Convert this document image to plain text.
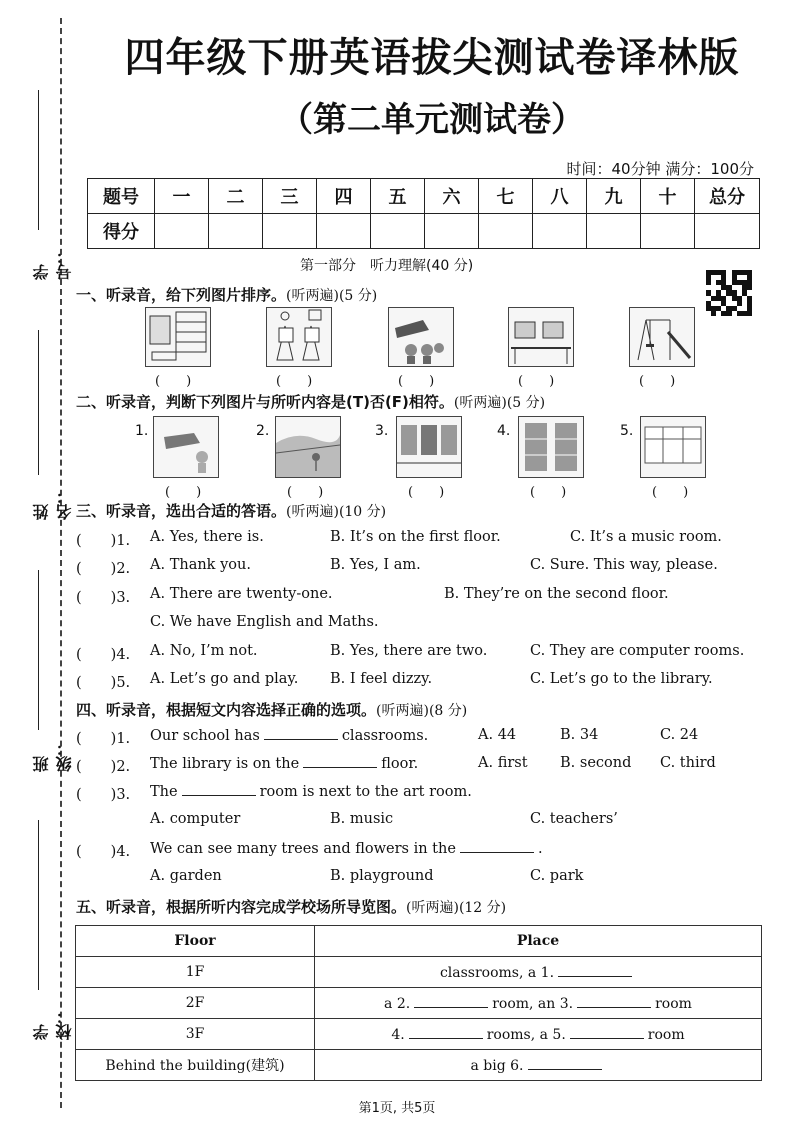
学号：
姓名：
班级：
学校：
四年级下册英语拔尖测试卷译林版
（第二单元测试卷）
时间：40分钟 满分：100分
题号	一	二	三	四	五	六	七	八	九	十	总分
得分											
第一部分　听力理解(40 分)
一、听录音，给下列图片排序。(听两遍)(5 分)
(　　)	(　　)	(　　)	(　　)	(　　)
二、听录音，判断下列图片与所听内容是(T)否(F)相符。(听两遍)(5 分)
1.	2.	3.	4.	5.
(　　)	(　　)	(　　)	(　　)	(　　)
三、听录音，选出合适的答语。(听两遍)(10 分)
(　　)1. A. Yes, there is.	B. It’s on the first floor.	C. It’s a music room.
(　　)2. A. Thank you.	B. Yes, I am.	C. Sure. This way, please.
(　　)3. A. There are twenty-one.	B. They’re on the second floor.
C. We have English and Maths.
(　　)4. A. No, I’m not.	B. Yes, there are two.	C. They are computer rooms.
(　　)5. A. Let’s go and play. B. I feel dizzy.	C. Let’s go to the library.
四、听录音，根据短文内容选择正确的选项。(听两遍)(8 分)
(　　)1. Our school has	classrooms.	A. 44	B. 34	C. 24
(　　)2. The library is on the	floor.	A. first B. second C. third
(　　)3. The	room is next to the art room.
A. computer	B. music	C. teachers’
(　　)4. We can see many trees and flowers in the	.
A. garden	B. playground	C. park
五、听录音，根据所听内容完成学校场所导览图。(听两遍)(12 分)
Floor	Place
1F	classrooms, a 1.
2F	a 2. room, an 3. room
3F	4. rooms, a 5. room
Behind the building(建筑)	a big 6.
第1页, 共5页
